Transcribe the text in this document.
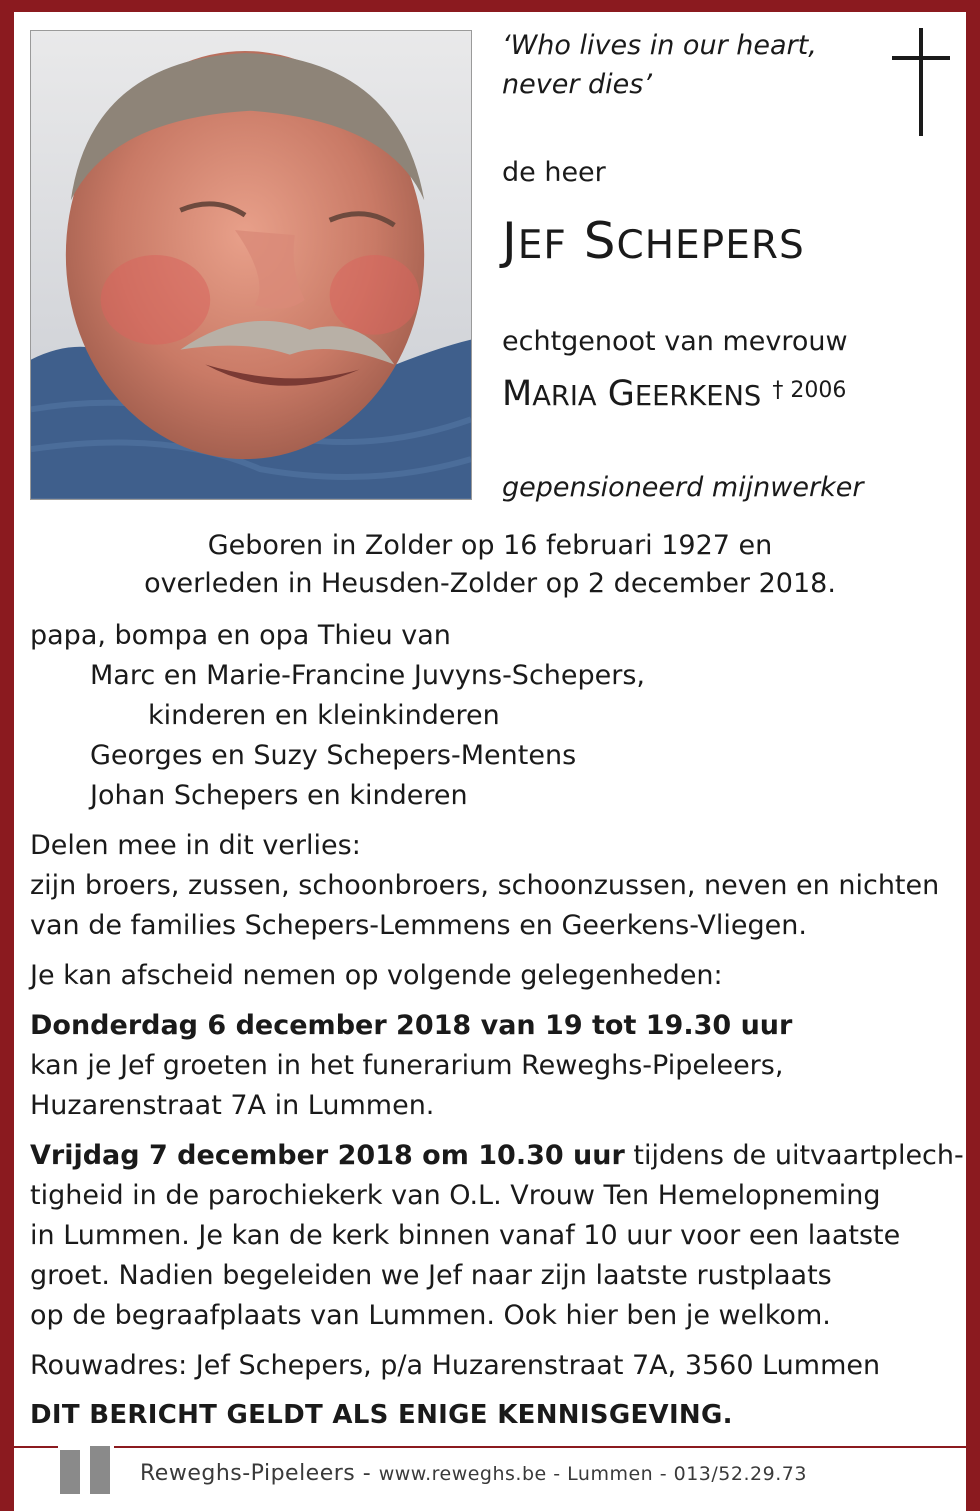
‘Who lives in our heart,
never dies’
de heer
JEF SCHEPERS
echtgenoot van mevrouw
MARIA GEERKENS $^{\dagger 2006}$
gepensioneerd mijnwerker
Geboren in Zolder op 16 februari 1927 en
overleden in Heusden-Zolder op 2 december 2018.
papa, bompa en opa Thieu van
Marc en Marie-Francine Juvyns-Schepers,
kinderen en kleinkinderen
Georges en Suzy Schepers-Mentens
Johan Schepers en kinderen
Delen mee in dit verlies:
zijn broers, zussen, schoonbroers, schoonzussen, neven en nichten
van de families Schepers-Lemmens en Geerkens-Vliegen.
Je kan afscheid nemen op volgende gelegenheden:
Donderdag 6 december 2018 van 19 tot 19.30 uur
kan je Jef groeten in het funerarium Reweghs-Pipeleers,
Huzarenstraat 7A in Lummen.
Vrijdag 7 december 2018 om 10.30 uur tijdens de uitvaartplech-
tigheid in de parochiekerk van O.L. Vrouw Ten Hemelopneming
in Lummen. Je kan de kerk binnen vanaf 10 uur voor een laatste
groet. Nadien begeleiden we Jef naar zijn laatste rustplaats
op de begraafplaats van Lummen. Ook hier ben je welkom.
Rouwadres: Jef Schepers, p/a Huzarenstraat 7A, 3560 Lummen
DIT BERICHT GELDT ALS ENIGE KENNISGEVING.
Reweghs-Pipeleers - www.reweghs.be - Lummen - 013/52.29.73
